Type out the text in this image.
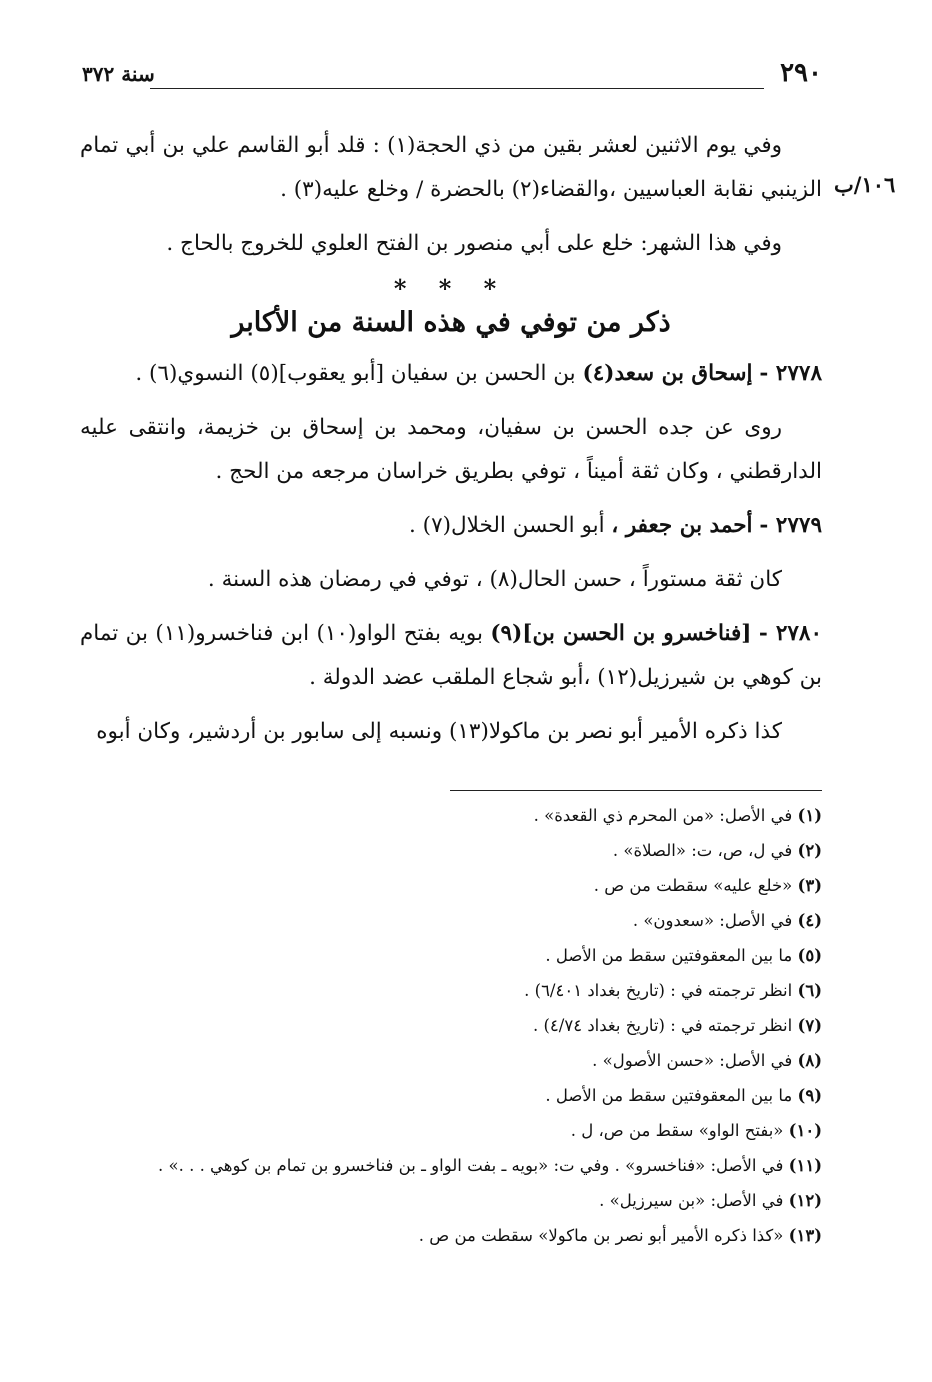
٢٩٠
سنة ٣٧٢
١٠٦/ب

وفي يوم الاثنين لعشر بقين من ذي الحجة(١) : قلد أبو القاسم علي بن أبي تمام الزينبي نقابة العباسيين ،والقضاء(٢) بالحضرة / وخلع عليه(٣) .

وفي هذا الشهر: خلع على أبي منصور بن الفتح العلوي للخروج بالحاج .

* * *

ذكر من توفي في هذه السنة من الأكابر

٢٧٧٨ - إسحاق بن سعد(٤) بن الحسن بن سفيان [أبو يعقوب](٥) النسوي(٦) .

روى عن جده الحسن بن سفيان، ومحمد بن إسحاق بن خزيمة، وانتقى عليه الدارقطني ، وكان ثقة أميناً ، توفي بطريق خراسان مرجعه من الحج .

٢٧٧٩ - أحمد بن جعفر ، أبو الحسن الخلال(٧) .

كان ثقة مستوراً ، حسن الحال(٨) ، توفي في رمضان هذه السنة .

٢٧٨٠ - [فناخسرو بن الحسن بن](٩) بويه بفتح الواو(١٠) ابن فناخسرو(١١) بن تمام بن كوهي بن شيرزيل(١٢) ،أبو شجاع الملقب عضد الدولة .

كذا ذكره الأمير أبو نصر بن ماكولا(١٣) ونسبه إلى سابور بن أردشير، وكان أبوه

(١) في الأصل: «من المحرم ذي القعدة» .
(٢) في ل، ص، ت: «الصلاة» .
(٣) «خلع عليه» سقطت من ص .
(٤) في الأصل: «سعدون» .
(٥) ما بين المعقوفتين سقط من الأصل .
(٦) انظر ترجمته في : (تاريخ بغداد ٦/٤٠١) .
(٧) انظر ترجمته في : (تاريخ بغداد ٤/٧٤) .
(٨) في الأصل: «حسن الأصول» .
(٩) ما بين المعقوفتين سقط من الأصل .
(١٠) «بفتح الواو» سقط من ص، ل .
(١١) في الأصل: «فناخسرو» . وفي ت: «بويه ـ بفت الواو ـ بن فناخسرو بن تمام بن كوهي . . .» .
(١٢) في الأصل: «بن سيرزيل» .
(١٣) «كذا ذكره الأمير أبو نصر بن ماكولا» سقطت من ص .
